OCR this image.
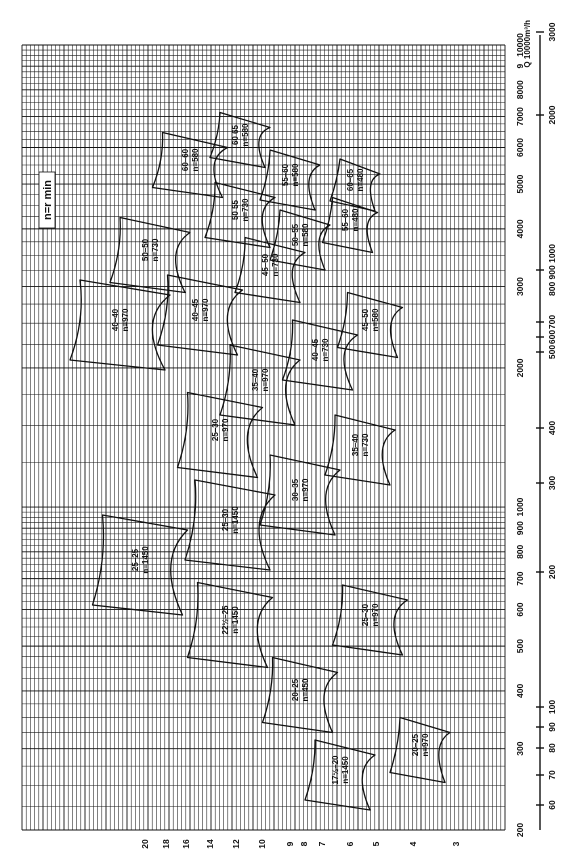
17½–20 n=1450
20–25 n=970
20–25 n=450
22½–25 n=1450	25–30 n=970
25–25 n=1450
25–30 n=1450
30–35 n=970
35–40 n=730
25–30 n=970
35–40 n=970
40–45 n=730
45–50 n=580
40–40 n=970	40–45 n=970
45–50 n=730
50–55 n=580
55–60 n=480
50–50 n=730
50 55 n=730
55–60 n=580	60–65 n=480
60–60 n=580
60 65 n=580
20 18 16 14 12 10 9 8 7 6 5	4	3
200
300
400
500
600
700
800
900
1000
2000
3000
4000
5000
6000
7000
8000
9
10000
60
70
80
90
100
200
300
400
500
600
700
800 900 1000
2000
3000
n=r min
Q 10000m³/h
